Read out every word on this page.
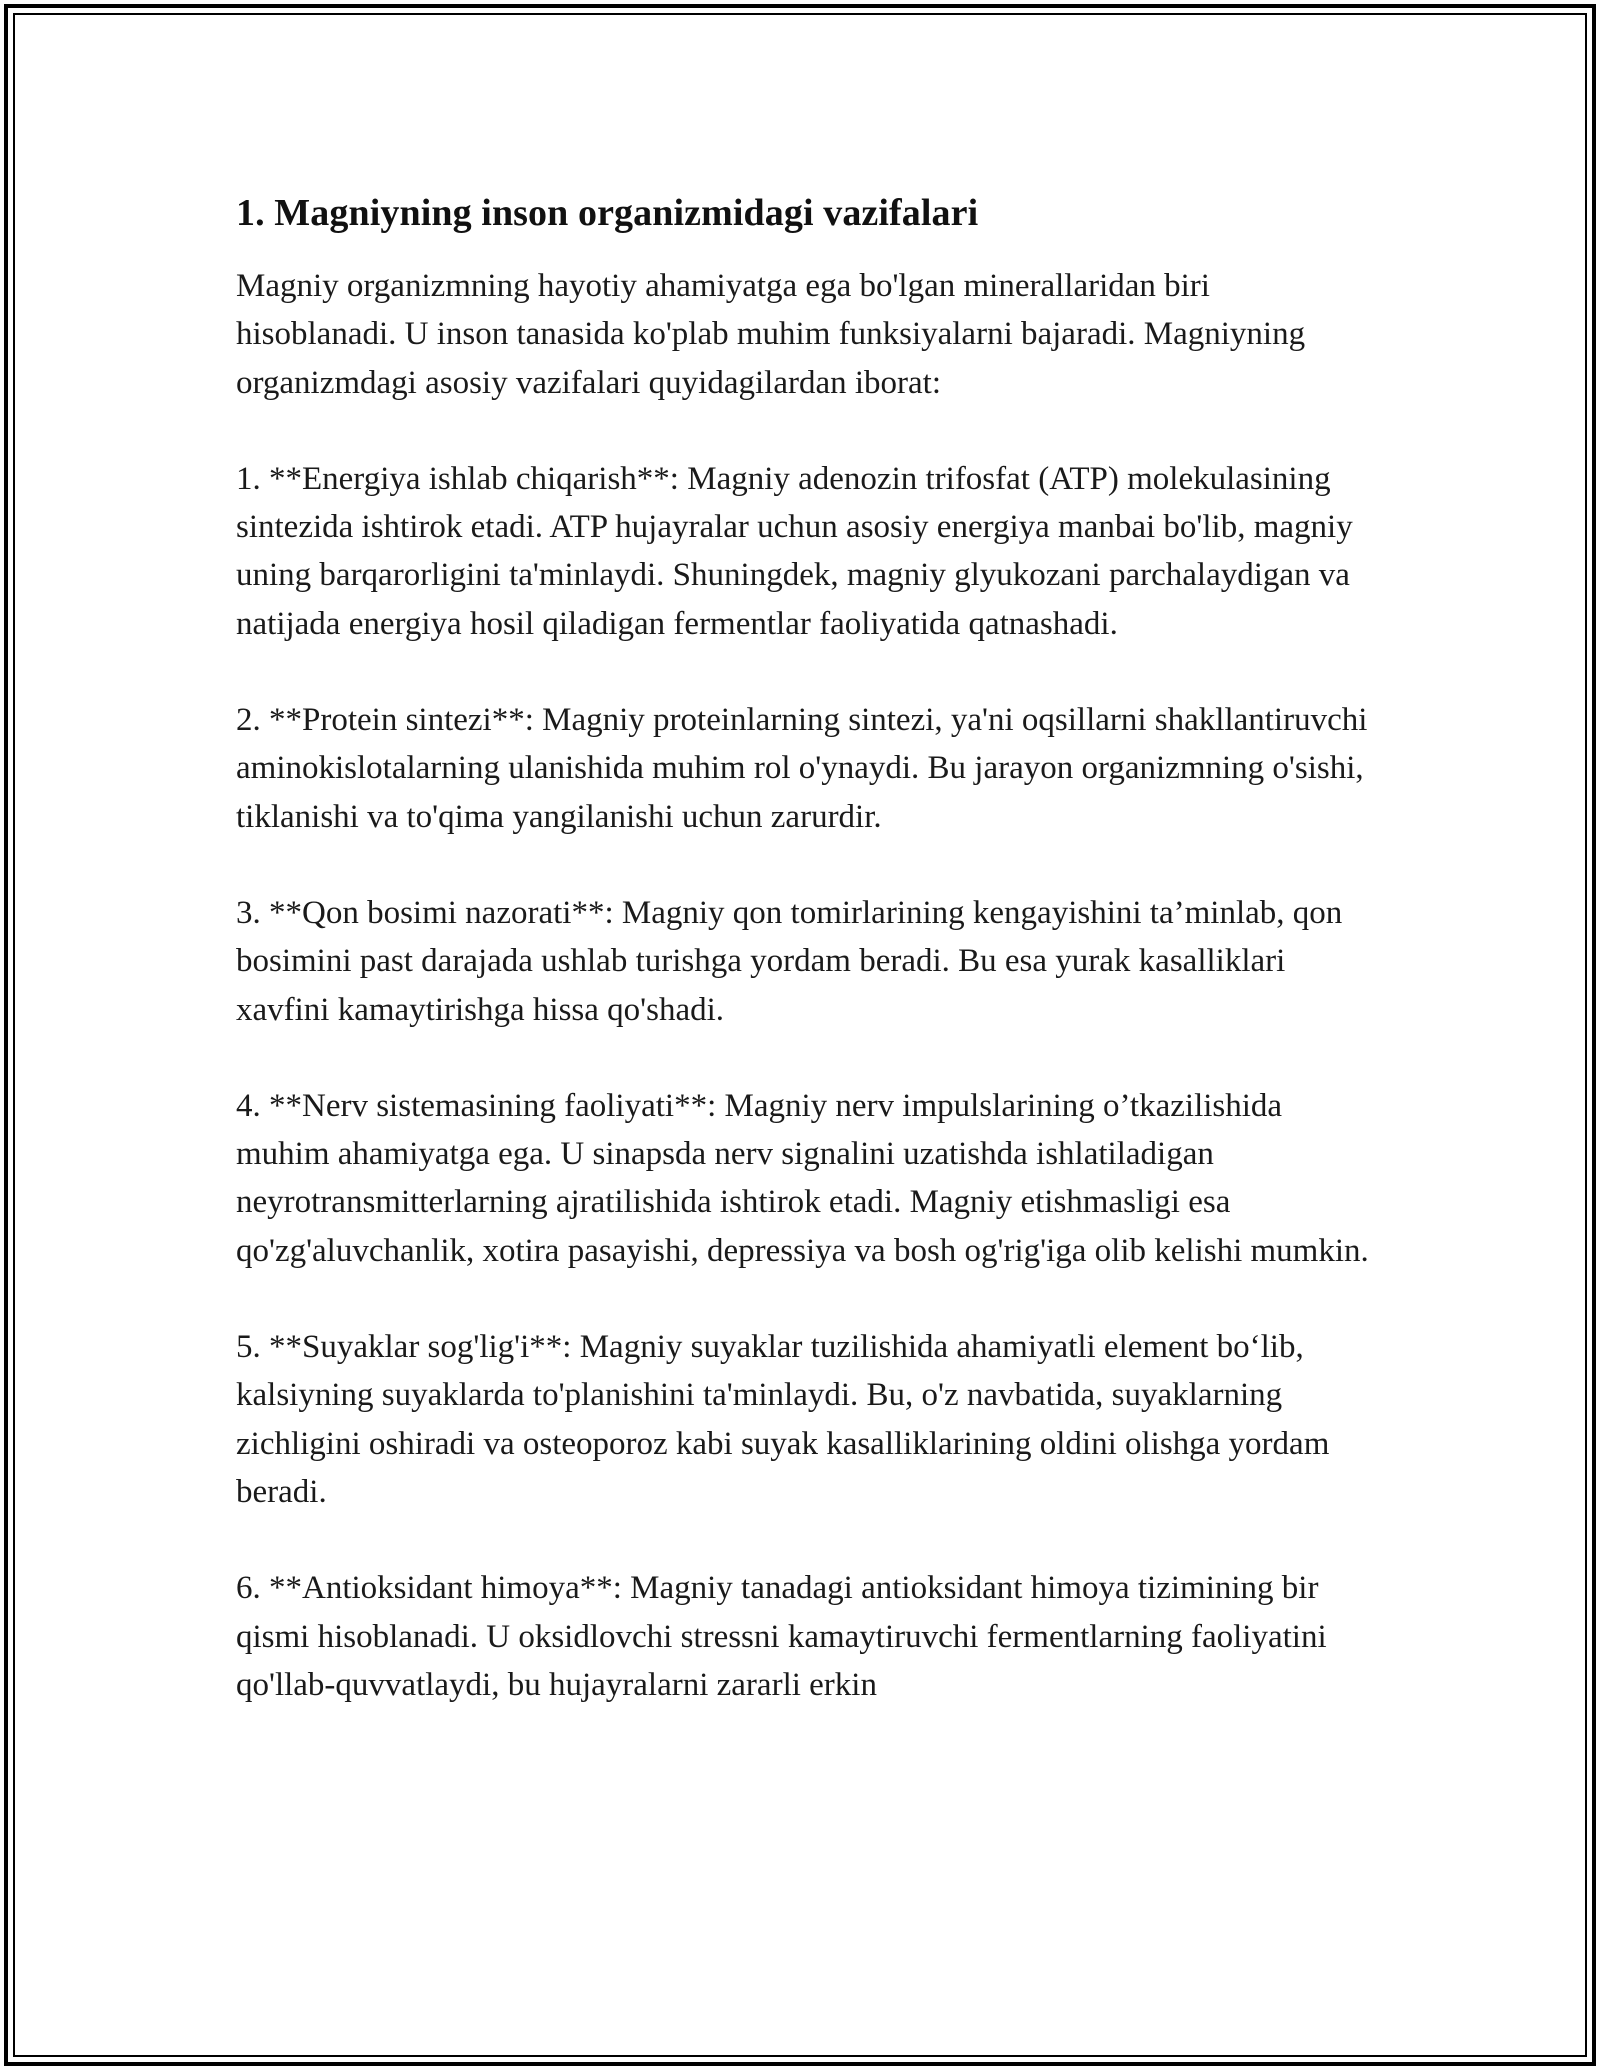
1. Magniyning inson organizmidagi vazifalari

Magniy organizmning hayotiy ahamiyatga ega bo'lgan minerallaridan biri hisoblanadi. U inson tanasida ko'plab muhim funksiyalarni bajaradi. Magniyning organizmdagi asosiy vazifalari quyidagilardan iborat:

1. **Energiya ishlab chiqarish**: Magniy adenozin trifosfat (ATP) molekulasining sintezida ishtirok etadi. ATP hujayralar uchun asosiy energiya manbai bo'lib, magniy uning barqarorligini ta'minlaydi. Shuningdek, magniy glyukozani parchalaydigan va natijada energiya hosil qiladigan fermentlar faoliyatida qatnashadi.

2. **Protein sintezi**: Magniy proteinlarning sintezi, ya'ni oqsillarni shakllantiruvchi aminokislotalarning ulanishida muhim rol o'ynaydi. Bu jarayon organizmning o'sishi, tiklanishi va to'qima yangilanishi uchun zarurdir.

3. **Qon bosimi nazorati**: Magniy qon tomirlarining kengayishini ta’minlab, qon bosimini past darajada ushlab turishga yordam beradi. Bu esa yurak kasalliklari xavfini kamaytirishga hissa qo'shadi.

4. **Nerv sistemasining faoliyati**: Magniy nerv impulslarining o’tkazilishida muhim ahamiyatga ega. U sinapsda nerv signalini uzatishda ishlatiladigan neyrotransmitterlarning ajratilishida ishtirok etadi. Magniy etishmasligi esa qo'zg'aluvchanlik, xotira pasayishi, depressiya va bosh og'rig'iga olib kelishi mumkin.

5. **Suyaklar sog'lig'i**: Magniy suyaklar tuzilishida ahamiyatli element bo‘lib, kalsiyning suyaklarda to'planishini ta'minlaydi. Bu, o'z navbatida, suyaklarning zichligini oshiradi va osteoporoz kabi suyak kasalliklarining oldini olishga yordam beradi.

6. **Antioksidant himoya**: Magniy tanadagi antioksidant himoya tizimining bir qismi hisoblanadi. U oksidlovchi stressni kamaytiruvchi fermentlarning faoliyatini qo'llab-quvvatlaydi, bu hujayralarni zararli erkin
